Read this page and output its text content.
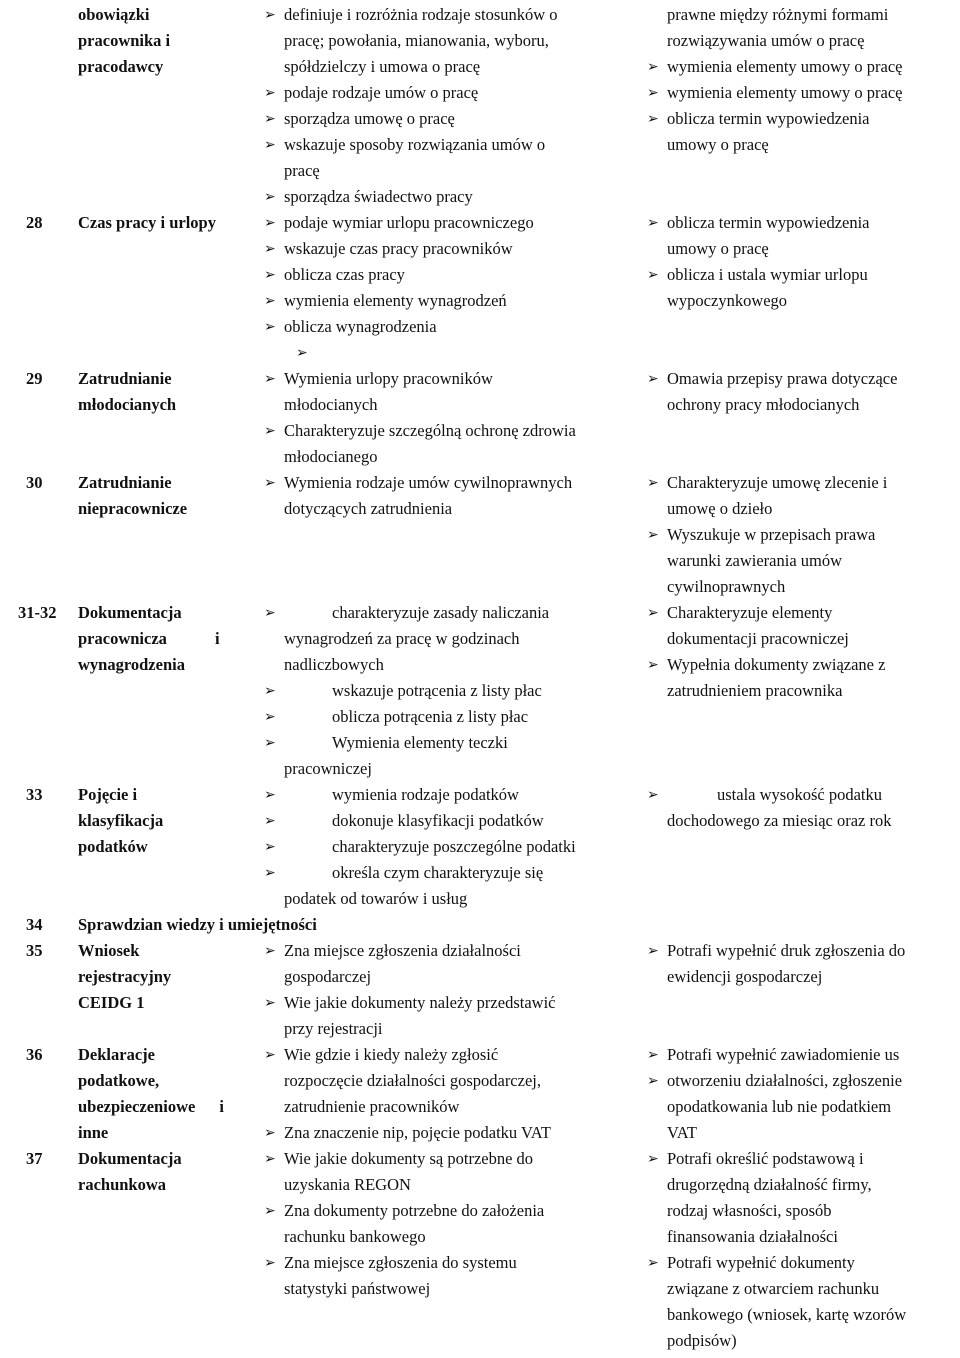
obowiązki
pracownika i
pracodawcy
➢ definiuje i rozróżnia rodzaje stosunków o
pracę; powołania, mianowania, wyboru,
spółdzielczy i umowa o pracę
➢ podaje rodzaje umów o pracę
➢ sporządza umowę o pracę
➢ wskazuje sposoby rozwiązania umów o
pracę
➢ sporządza świadectwo pracy
prawne między różnymi formami
rozwiązywania umów o pracę
➢ wymienia elementy umowy o pracę
➢ wymienia elementy umowy o pracę
➢ oblicza termin wypowiedzenia
umowy o pracę
28	Czas pracy i urlopy
➢	podaje wymiar urlopu pracowniczego
➢ wskazuje czas pracy pracowników
➢ oblicza czas pracy
➢ wymienia elementy wynagrodzeń
➢ oblicza wynagrodzenia
➢
➢ oblicza termin wypowiedzenia
umowy o pracę
➢ oblicza i ustala wymiar urlopu
wypoczynkowego
29	Zatrudnianie
młodocianych
➢ Wymienia urlopy pracowników
młodocianych
➢ Charakteryzuje szczególną ochronę zdrowia
młodocianego
➢ Omawia przepisy prawa dotyczące
ochrony pracy młodocianych
30	Zatrudnianie
niepracownicze
➢ Wymienia rodzaje umów cywilnoprawnych
dotyczących zatrudnienia
➢ Charakteryzuje umowę zlecenie i
umowę o dzieło
➢ Wyszukuje w przepisach prawa
warunki zawierania umów
cywilnoprawnych
31-32	Dokumentacja
pracownicza i
wynagrodzenia
➢ charakteryzuje zasady naliczania
wynagrodzeń za pracę w godzinach
nadliczbowych
➢ wskazuje potrącenia z listy płac
➢ oblicza potrącenia z listy płac
➢ Wymienia elementy teczki
pracowniczej
➢ Charakteryzuje elementy
dokumentacji pracowniczej
➢ Wypełnia dokumenty związane z
zatrudnieniem pracownika
33	Pojęcie i
klasyfikacja
podatków
➢ wymienia rodzaje podatków
➢ dokonuje klasyfikacji podatków
➢ charakteryzuje poszczególne podatki
➢ określa czym charakteryzuje się
podatek od towarów i usług
➢ ustala wysokość podatku
dochodowego za miesiąc oraz rok
34	Sprawdzian wiedzy i umiejętności
35	Wniosek
rejestracyjny
CEIDG 1
➢ Zna miejsce zgłoszenia działalności
gospodarczej
➢ Wie jakie dokumenty należy przedstawić
przy rejestracji
➢ Potrafi wypełnić druk zgłoszenia do
ewidencji gospodarczej
36	Deklaracje
podatkowe,
ubezpieczeniowe i
inne
➢ Wie gdzie i kiedy należy zgłosić
rozpoczęcie działalności gospodarczej,
zatrudnienie pracowników
➢ Zna znaczenie nip, pojęcie podatku VAT
➢ Potrafi wypełnić zawiadomienie us
➢ otworzeniu działalności, zgłoszenie
opodatkowania lub nie podatkiem
VAT
37	Dokumentacja
rachunkowa
➢ Wie jakie dokumenty są potrzebne do
uzyskania REGON
➢ Zna dokumenty potrzebne do założenia
rachunku bankowego
➢ Zna miejsce zgłoszenia do systemu
statystyki państwowej
➢ Potrafi określić podstawową i
drugorzędną działalność firmy,
rodzaj własności, sposób
finansowania działalności
➢ Potrafi wypełnić dokumenty
związane z otwarciem rachunku
bankowego (wniosek, kartę wzorów
podpisów)
